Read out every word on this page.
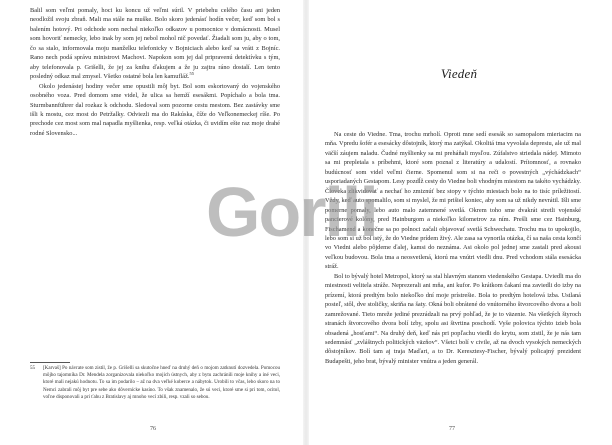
Balil som veľmi pomaly, hoci ku koncu už veľmi súril. V priebehu celého času ani jeden neodložil svoju zbraň. Mali ma stále na muške. Bolo skoro jedenásť hodín večer, keď som bol s balením hotový. Pri odchode som nechal niekoľko odkazov u pomocnice v domácnosti. Musel som hovoriť nemecky, lebo inak by som jej nebol mohol nič povedať. Žiadali som ju, aby o tom, čo sa stalo, informovala moju manželku telefonicky v Bojniciach alebo keď sa vráti z Bojníc. Rano nech podá správu ministrovi Machovi. Napokon som jej dal pripravenú detektívku s tým, aby telefonovala p. Grišelli, že jej za knihu ďakujem a že ju zajtra ráno dostalí. Len tento posledný odkaz mal zmysel. Všetko ostatné bola len kamufláž.$^{55}$

Okolo jedenástej hodiny večer sme opustili môj byt. Bol som eskortovaný do vojenského osobného voza. Pred domom sme videl, že ulica sa hemží esesákmi. Popíchalo a bola tma. Sturmbannführer dal rozkaz k odchodu. Sledoval som pozorne cestu mestom. Bez zastávky sme išli k mostu, cez most do Petržalky. Odviezli ma do Rakúska, číže do Veľkonemeckej ríše. Po prechode cez most som mal napadla myšlienka, resp. veľká otázka, či uvidím ešte raz moje drahé rodné Slovensko...

55	[Karvaš] Po návrate som zistil, že p. Grišelli sa skutočne hneď na druhý deň o mojom zatknutí dozvedela. Pomocou môjho tajomníka Dr. Mendela zorganizovala niekoľko mojich ústnych, aby z bytu zachránili moje knihy a iné veci, ktoré mali nejakú hodnotu. To sa im podarilo – až na dva veľké koberce a nábytok. Urobili to včas, lebo skoro na to Nemci zabrali môj byt pre sebe ako dôvernícke kasíno. To však znamenalo, že sú veci, ktoré sme si pri tom, ocitol, voľne disponovali a pri ťahu z Bratislavy aj mnoho vecí zbili, resp. vzali so sebou.
76
Viedeň

Na ceste do Viedne. Tma, trochu mrholí. Oproti mne sedí esesák so samopalom mieriacim na mňa. Vpredu šofér a esesácky dôstojník, ktorý ma zatýkal. Okolitá tma vyvolala depresiu, ale už mal väčší záujem naladu. Čudné myšlienky sa mi preháňali mysľou. Zúfalstvo striedala nádej. Mimoto sa mi prepletala s príbehmi, ktoré som poznal z literatúry a udalostí. Prítomnosť, a rovnako budúcnosť som videl veľmi čierne. Spomenul som si na reči o povestných „výchádzkach“ usporiadaných Gestapom. Lesy pozdĺž cesty do Viedne boli vhodným miestom na takéto vychádzky. Človeka zlikvidovať a nechať ho zmiznúť bez stopy v týchto miestach bolo na to tisíc príležitostí. Vždy, keď auto spomalilo, som si myslel, že mi prišiel koniec, aby som sa už nikdy nevrátil. Išli sme pomerne pomaly, lebo auto malo zatemnené svetlá. Okrem toho sme dvakrát stretli vojenské pancierové kolóny, pred Hainburgom a niekoľko kilometrov za ním. Prešli sme cez Hainburg, Fischamend a konečne sa po polnoci začali objavovať svetlá Schwechatu. Trochu ma to upokojilo, lebo som si už bol istý, že do Viedne prídem živý. Ale zasa sa vynorila otázka, čí sa naša cesta končí vo Viedni alebo pôjdeme ďalej, kamsi do neznáma. Asi okolo pol jednej sme zastali pred akousi veľkou budovou. Bola tma a neosvetlená, ktorú ma vnútri viedli dnu. Pred vchodom stála esesácka stráž.

Bol to bývalý hotel Metropol, ktorý sa stal hlavným stanom viedenského Gestapa. Uviedli ma do miestnosti velitela stráže. Neprezerali ani mňa, ani kufor. Po krátkom čakaní ma zaviedli do izby na prízemí, ktorá predtým bolo niekoľko dní moje prístrešie. Bola to predtým hotelová izba. Ustlaná posteľ, stôl, dve stoličky, skriňa na šaty. Okná boli obrátené do vnútorného štvorcového dvora a boli zamrežované. Tieto mreže jediné prezrádzali na prvý pohľad, že je to väzenie. Na všetkých štyroch stranách štvorcového dvora bolí izby, spolu asi štvrtina poschodí. Vyše polovica týchto izieb bola obsadená „hosťami“. Na druhý deň, keď nás pri popľachu viedli do krytu, som zistil, že je nás tam sedemnásť „zvláštnych politických väzňov“. Všetci bolí v civile, až na dvoch vysokých nemeckých dôstojníkov. Bolí tam aj traja Maďari, a to Dr. Keresztesy-Fischer, bývalý policajný prezident Budapešti, jeho brat, bývalý minister vnútra a jeden generál.

77
Gorili
